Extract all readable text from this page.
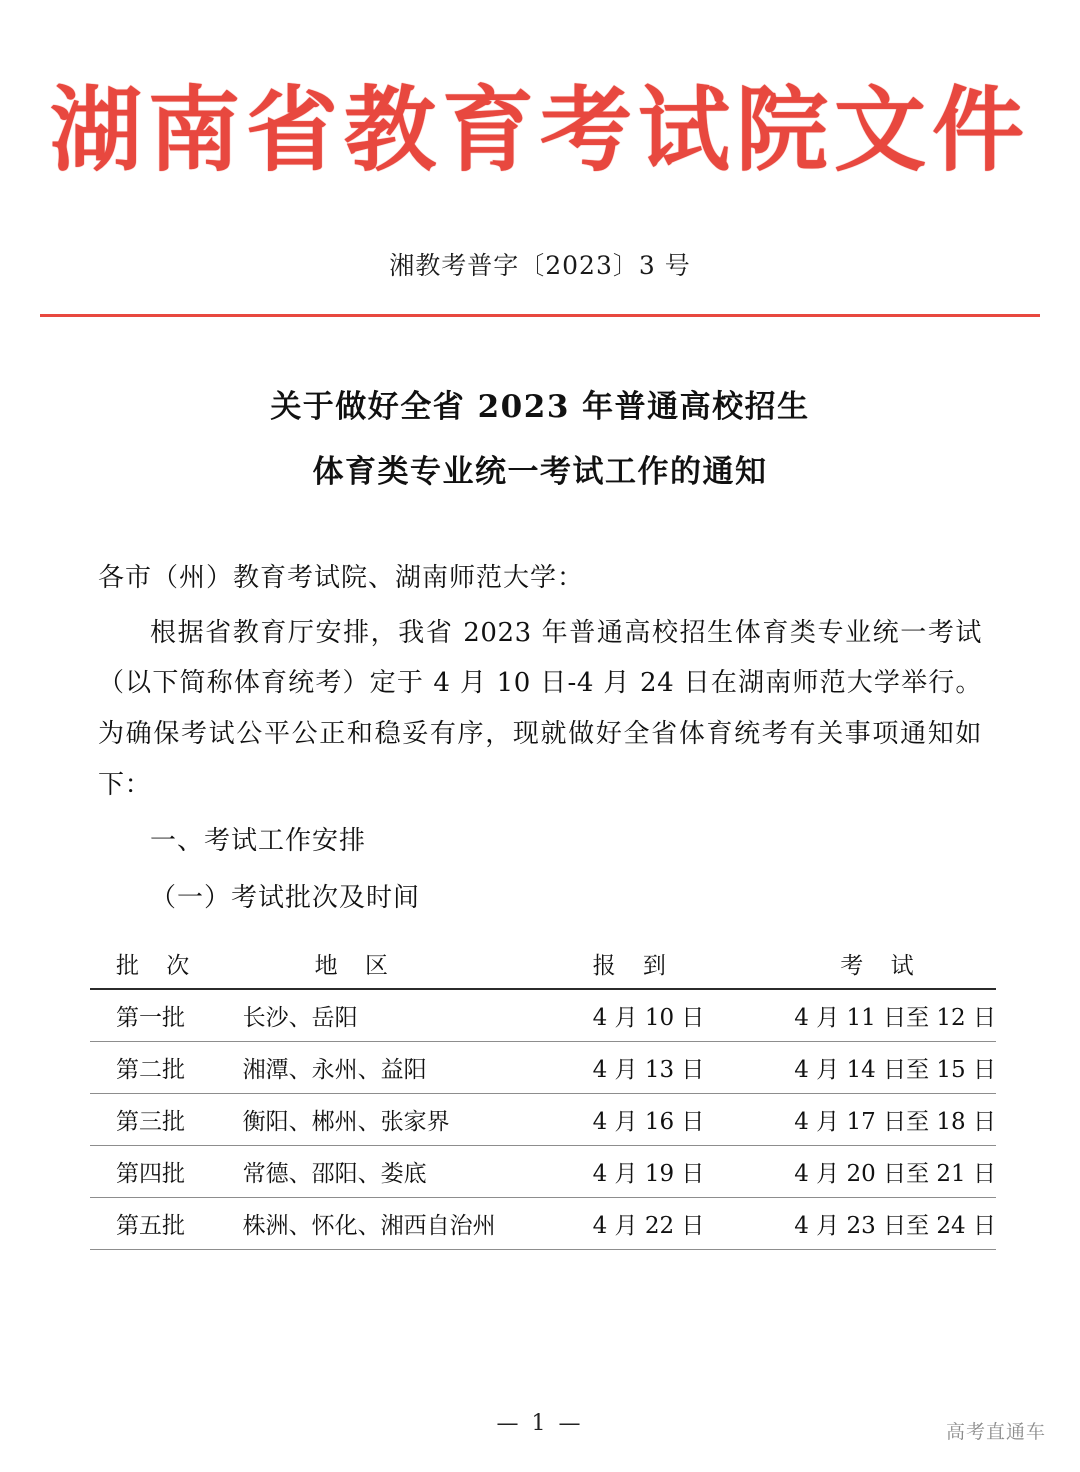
湖南省教育考试院文件
湘教考普字〔2023〕3 号
关于做好全省 2023 年普通高校招生
体育类专业统一考试工作的通知
各市（州）教育考试院、湖南师范大学：
根据省教育厅安排，我省 2023 年普通高校招生体育类专业统一考试（以下简称体育统考）定于 4 月 10 日-4 月 24 日在湖南师范大学举行。为确保考试公平公正和稳妥有序，现就做好全省体育统考有关事项通知如下：
一、考试工作安排
（一）考试批次及时间
批 次	地 区	报 到	考 试
第一批	长沙、岳阳	4 月 10 日	4 月 11 日至 12 日
第二批	湘潭、永州、益阳	4 月 13 日	4 月 14 日至 15 日
第三批	衡阳、郴州、张家界	4 月 16 日	4 月 17 日至 18 日
第四批	常德、邵阳、娄底	4 月 19 日	4 月 20 日至 21 日
第五批	株洲、怀化、湘西自治州	4 月 22 日	4 月 23 日至 24 日
— 1 —	高考直通车
